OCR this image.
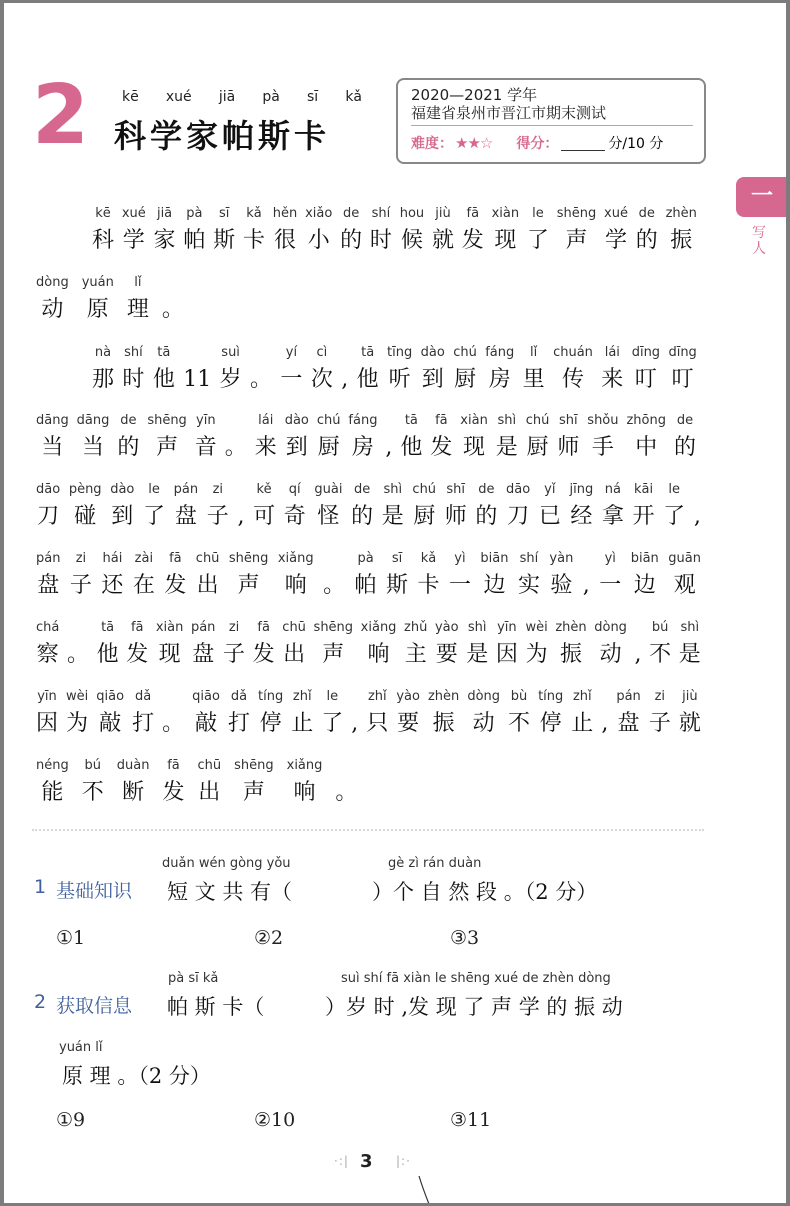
2 kē xué jiā pà sī kǎ
科学家帕斯卡
2020—2021 学年
福建省泉州市晋江市期末测试
难度： ★★☆ 得分：	分/10 分
一
写人
kē
科
xué
学
jiā
家
pà
帕
sī
斯
kǎ
卡
hěn
很
xiǎo
小
de
的
shí
时
hou
候
jiù
就
fā
发
xiàn
现
le
了
shēng
声
xué
学
de
的
zhèn
振
dòng
动
yuán
原
lǐ
理 。
nà
那
shí
时
tā
他 11
suì
岁 。
yí
一
cì
次 ,
tā
他
tīng
听
dào
到
chú
厨
fáng
房
lǐ
里
chuán
传
lái
来
dīng
叮
dīng
叮
dāng
当
dāng
当
de
的
shēng
声
yīn
音 。
lái
来
dào
到
chú
厨
fáng
房 ,
tā
他
fā
发
xiàn
现
shì
是
chú
厨
shī
师
shǒu
手
zhōng
中
de
的
dāo
刀
pèng
碰
dào
到
le
了
pán
盘
zi
子 ,
kě
可
qí
奇
guài
怪
de
的
shì
是
chú
厨
shī
师
de
的
dāo
刀
yǐ
已
jīng
经
ná
拿
kāi
开
le
了 ,
pán
盘
zi
子
hái
还
zài
在
fā
发
chū
出
shēng
声
xiǎng
响 。
pà
帕
sī
斯
kǎ
卡
yì
一
biān
边
shí
实
yàn
验 ,
yì
一
biān
边
guān
观
chá
察 。
tā
他
fā
发
xiàn
现
pán
盘
zi
子
fā
发
chū
出
shēng
声
xiǎng
响
zhǔ
主
yào
要
shì
是
yīn
因
wèi
为
zhèn
振
dòng
动 ,
bú
不
shì
是
yīn
因
wèi
为
qiāo
敲
dǎ
打 。
qiāo
敲
dǎ
打
tíng
停
zhǐ
止
le
了 ,
zhǐ
只
yào
要
zhèn
振
dòng
动
bù
不
tíng
停
zhǐ
止 ,
pán
盘
zi
子
jiù
就
néng
能
bú
不
duàn
断
fā
发
chū
出
shēng
声
xiǎng
响 。
duǎn wén gòng yǒu	gè zì rán duàn
1 基础知识 短 文 共 有（	）个 自 然 段 。（2 分）
①1	②2	③3
pà sī kǎ	suì shí fā xiàn le shēng xué de zhèn dòng
2 获取信息 帕 斯 卡（	）岁 时 ,发 现 了 声 学 的 振 动
yuán lǐ
原 理 。（2 分）
①9	②10	③11
·:| 3 |:·
